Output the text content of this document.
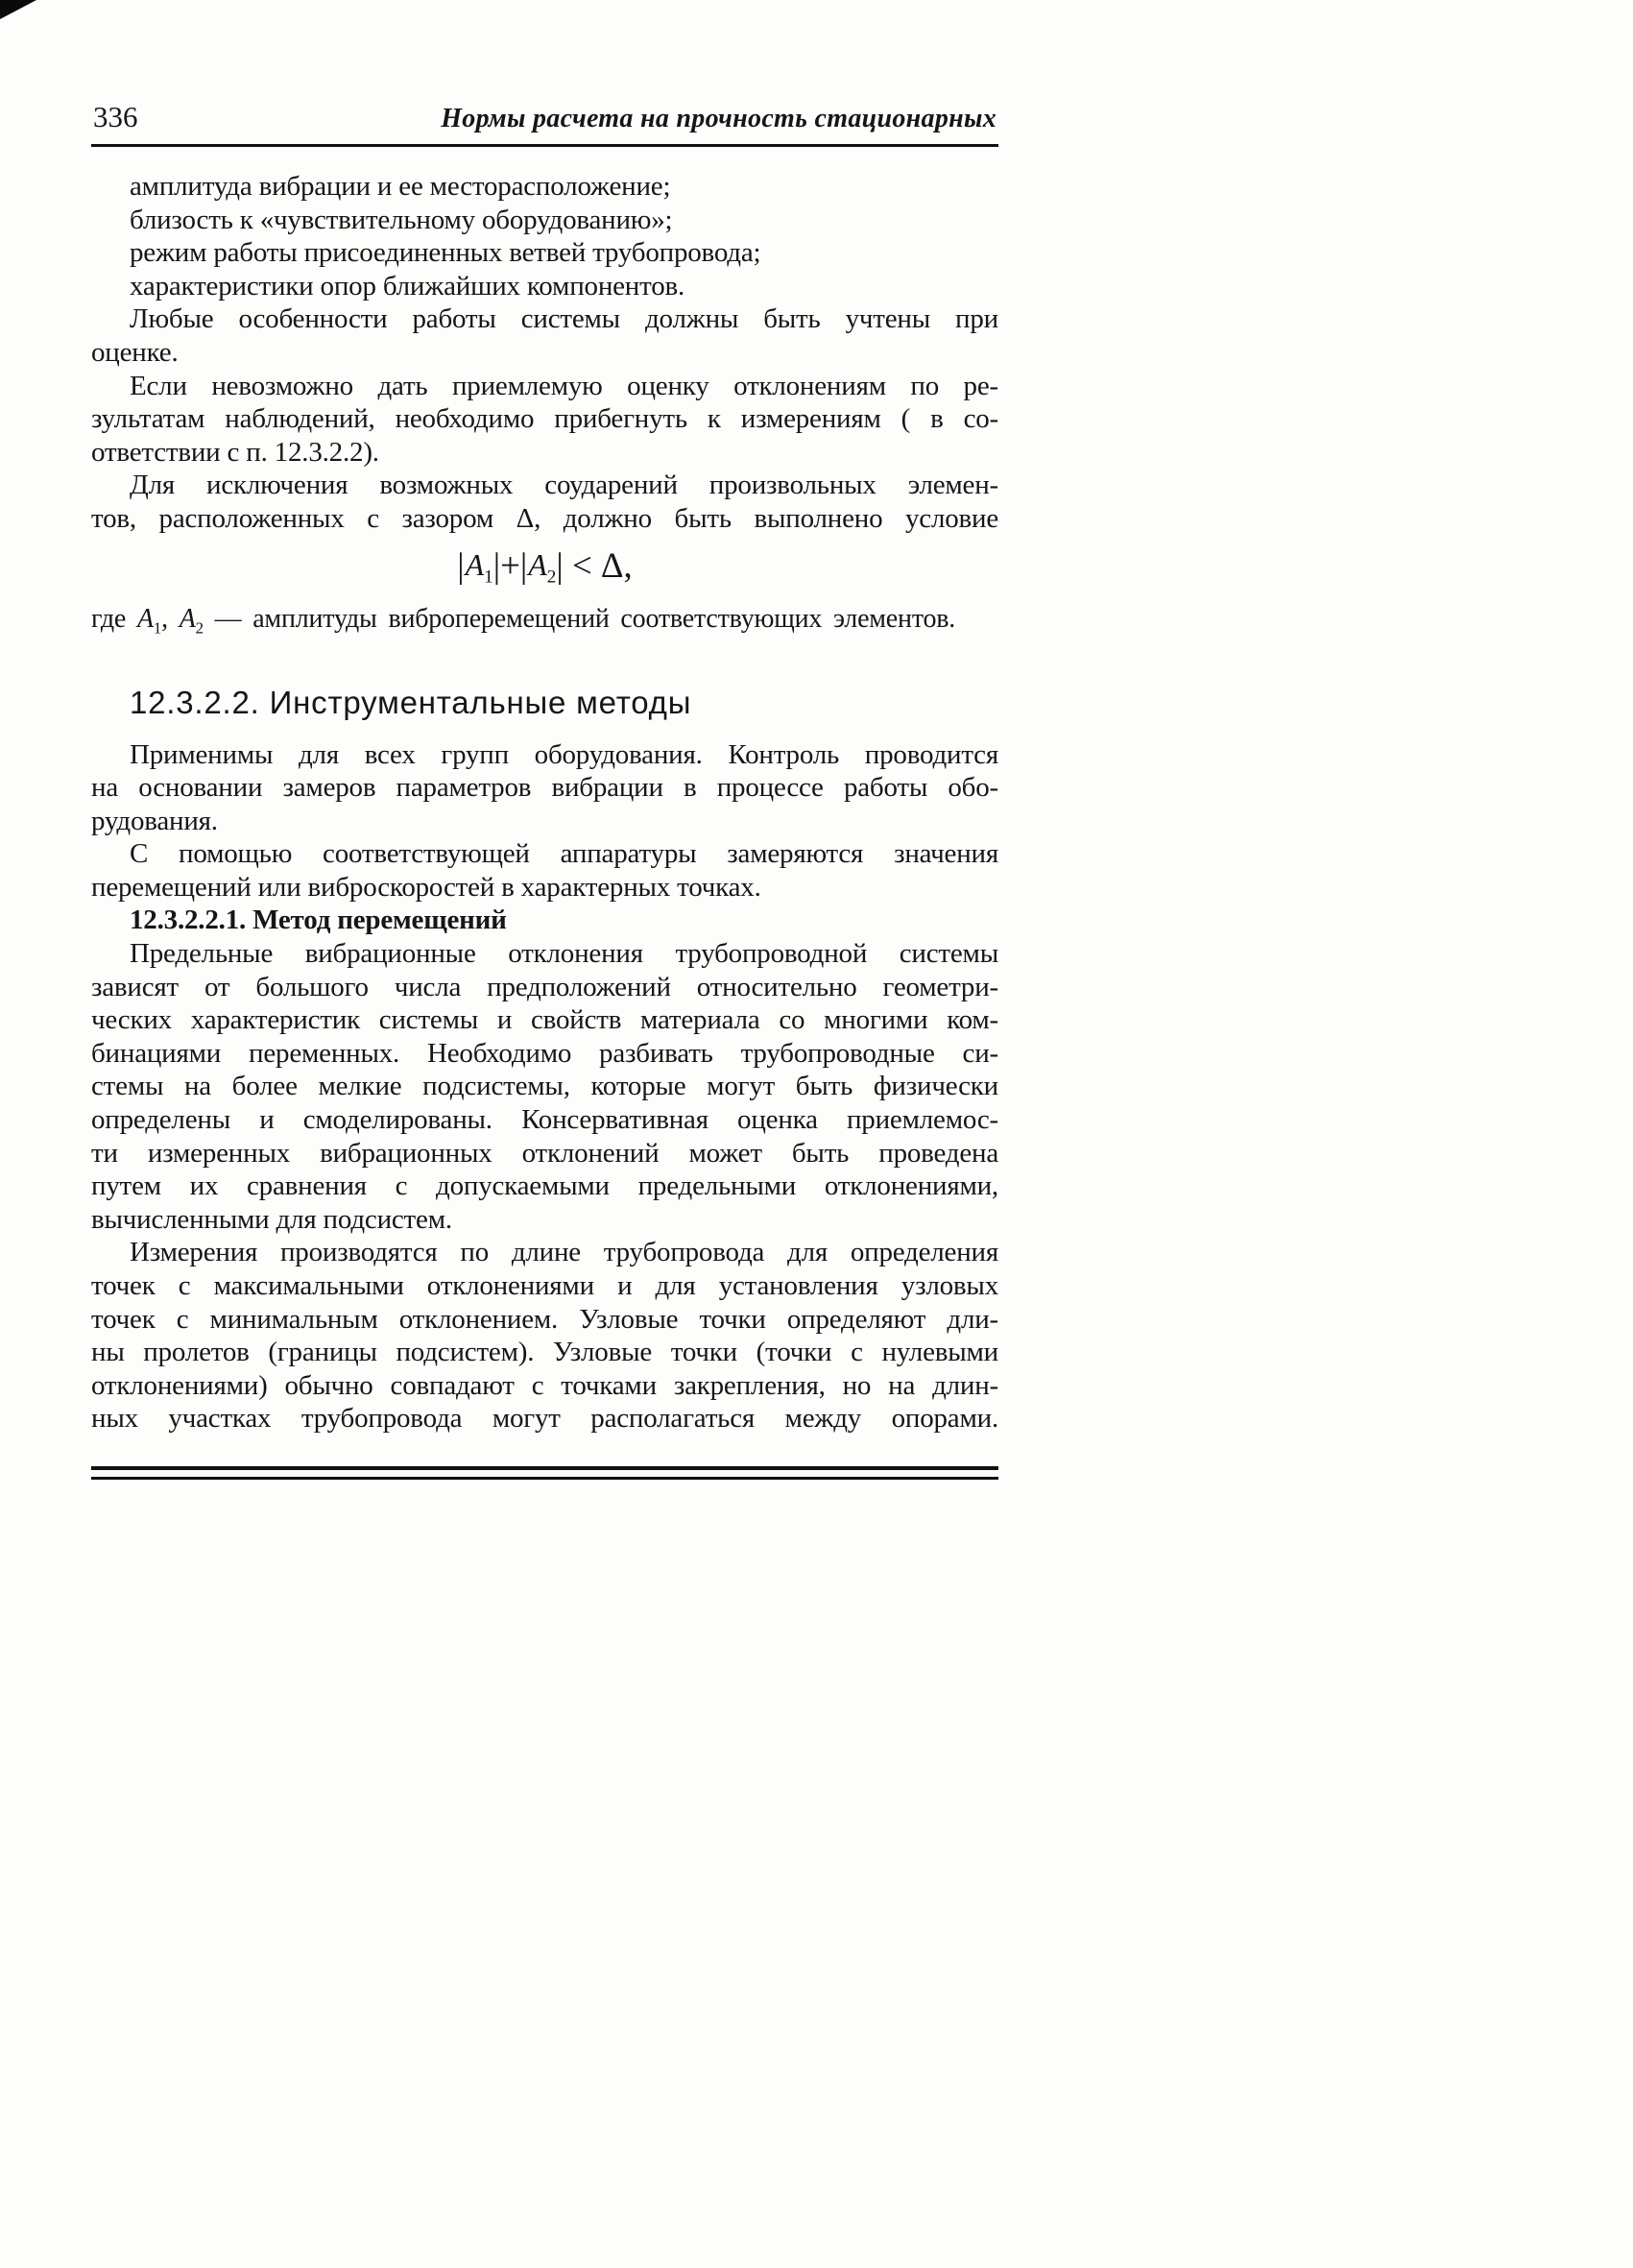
336	Нормы расчета на прочность стационарных
амплитуда вибрации и ее месторасположение;
близость к «чувствительному оборудованию»;
режим работы присоединенных ветвей трубопровода;
характеристики опор ближайших компонентов.
Любые особенности работы системы должны быть учтены при
оценке.
Если невозможно дать приемлемую оценку отклонениям по ре-
зультатам наблюдений, необходимо прибегнуть к измерениям ( в со-
ответствии с п. 12.3.2.2).
Для исключения возможных соударений произвольных элемен-
тов, расположенных с зазором Δ, должно быть выполнено условие
$|A_1|+|A_2| < \Delta$,
где $A_1$, $A_2$ — амплитуды виброперемещений соответствующих элементов.
12.3.2.2. Инструментальные методы
Применимы для всех групп оборудования. Контроль проводится
на основании замеров параметров вибрации в процессе работы обо-
рудования.
С помощью соответствующей аппаратуры замеряются значения
перемещений или виброскоростей в характерных точках.
12.3.2.2.1. Метод перемещений
Предельные вибрационные отклонения трубопроводной системы
зависят от большого числа предположений относительно геометри-
ческих характеристик системы и свойств материала со многими ком-
бинациями переменных. Необходимо разбивать трубопроводные си-
стемы на более мелкие подсистемы, которые могут быть физически
определены и смоделированы. Консервативная оценка приемлемос-
ти измеренных вибрационных отклонений может быть проведена
путем их сравнения с допускаемыми предельными отклонениями,
вычисленными для подсистем.
Измерения производятся по длине трубопровода для определения
точек с максимальными отклонениями и для установления узловых
точек с минимальным отклонением. Узловые точки определяют дли-
ны пролетов (границы подсистем). Узловые точки (точки с нулевыми
отклонениями) обычно совпадают с точками закрепления, но на длин-
ных участках трубопровода могут располагаться между опорами.
